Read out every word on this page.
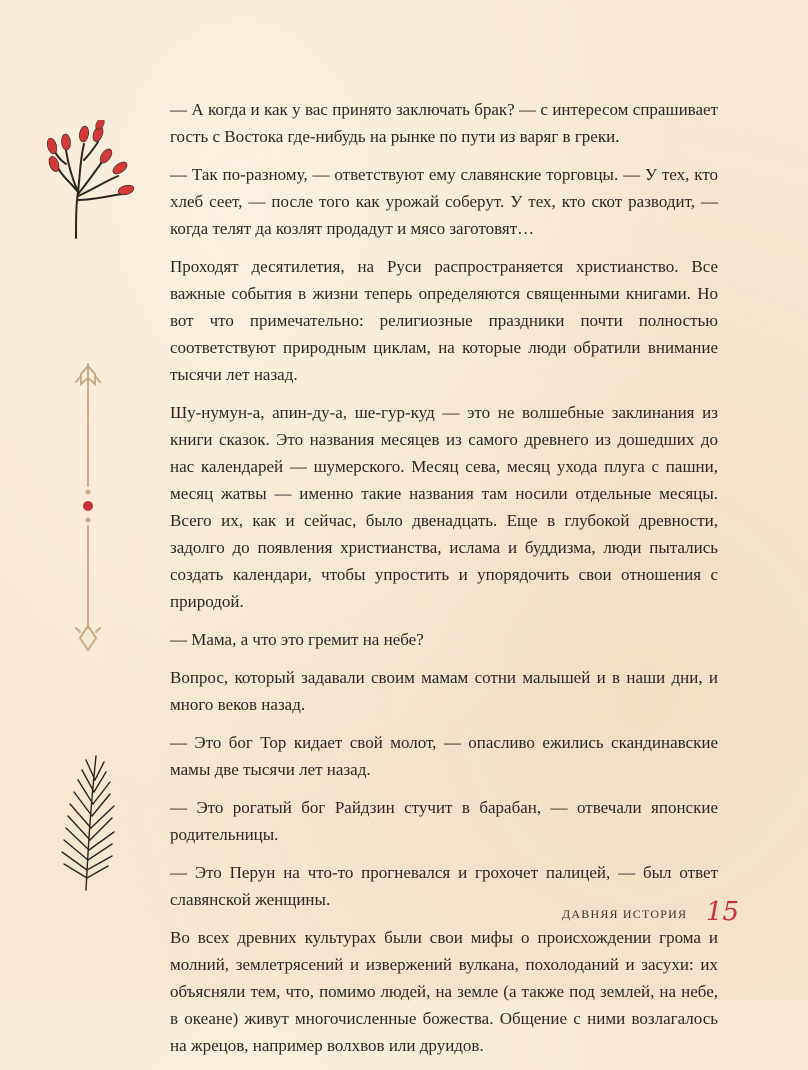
— А когда и как у вас принято заключать брак? — с интересом спрашивает гость с Востока где-нибудь на рынке по пути из варяг в греки.

— Так по-разному, — ответствуют ему славянские торговцы. — У тех, кто хлеб сеет, — после того как урожай соберут. У тех, кто скот разводит, — когда телят да козлят продадут и мясо заготовят…

Проходят десятилетия, на Руси распространяется христианство. Все важные события в жизни теперь определяются священными книгами. Но вот что примечательно: религиозные праздники почти полностью соответствуют природным циклам, на которые люди обратили внимание тысячи лет назад.

Шу-нумун-а, апин-ду-а, ше-гур-куд — это не волшебные заклинания из книги сказок. Это названия месяцев из самого древнего из дошедших до нас календарей — шумерского. Месяц сева, месяц ухода плуга с пашни, месяц жатвы — именно такие названия там носили отдельные месяцы. Всего их, как и сейчас, было двенадцать. Еще в глубокой древности, задолго до появления христианства, ислама и буддизма, люди пытались создать календари, чтобы упростить и упорядочить свои отношения с природой.

— Мама, а что это гремит на небе?

Вопрос, который задавали своим мамам сотни малышей и в наши дни, и много веков назад.

— Это бог Тор кидает свой молот, — опасливо ежились скандинавские мамы две тысячи лет назад.

— Это рогатый бог Райдзин стучит в барабан, — отвечали японские родительницы.

— Это Перун на что-то прогневался и грохочет палицей, — был ответ славянской женщины.

Во всех древних культурах были свои мифы о происхождении грома и молний, землетрясений и извержений вулкана, похолоданий и засухи: их объясняли тем, что, помимо людей, на земле (а также под землей, на небе, в океане) живут многочисленные божества. Общение с ними возлагалось на жрецов, например волхвов или друидов.

ДАВНЯЯ ИСТОРИЯ 15
